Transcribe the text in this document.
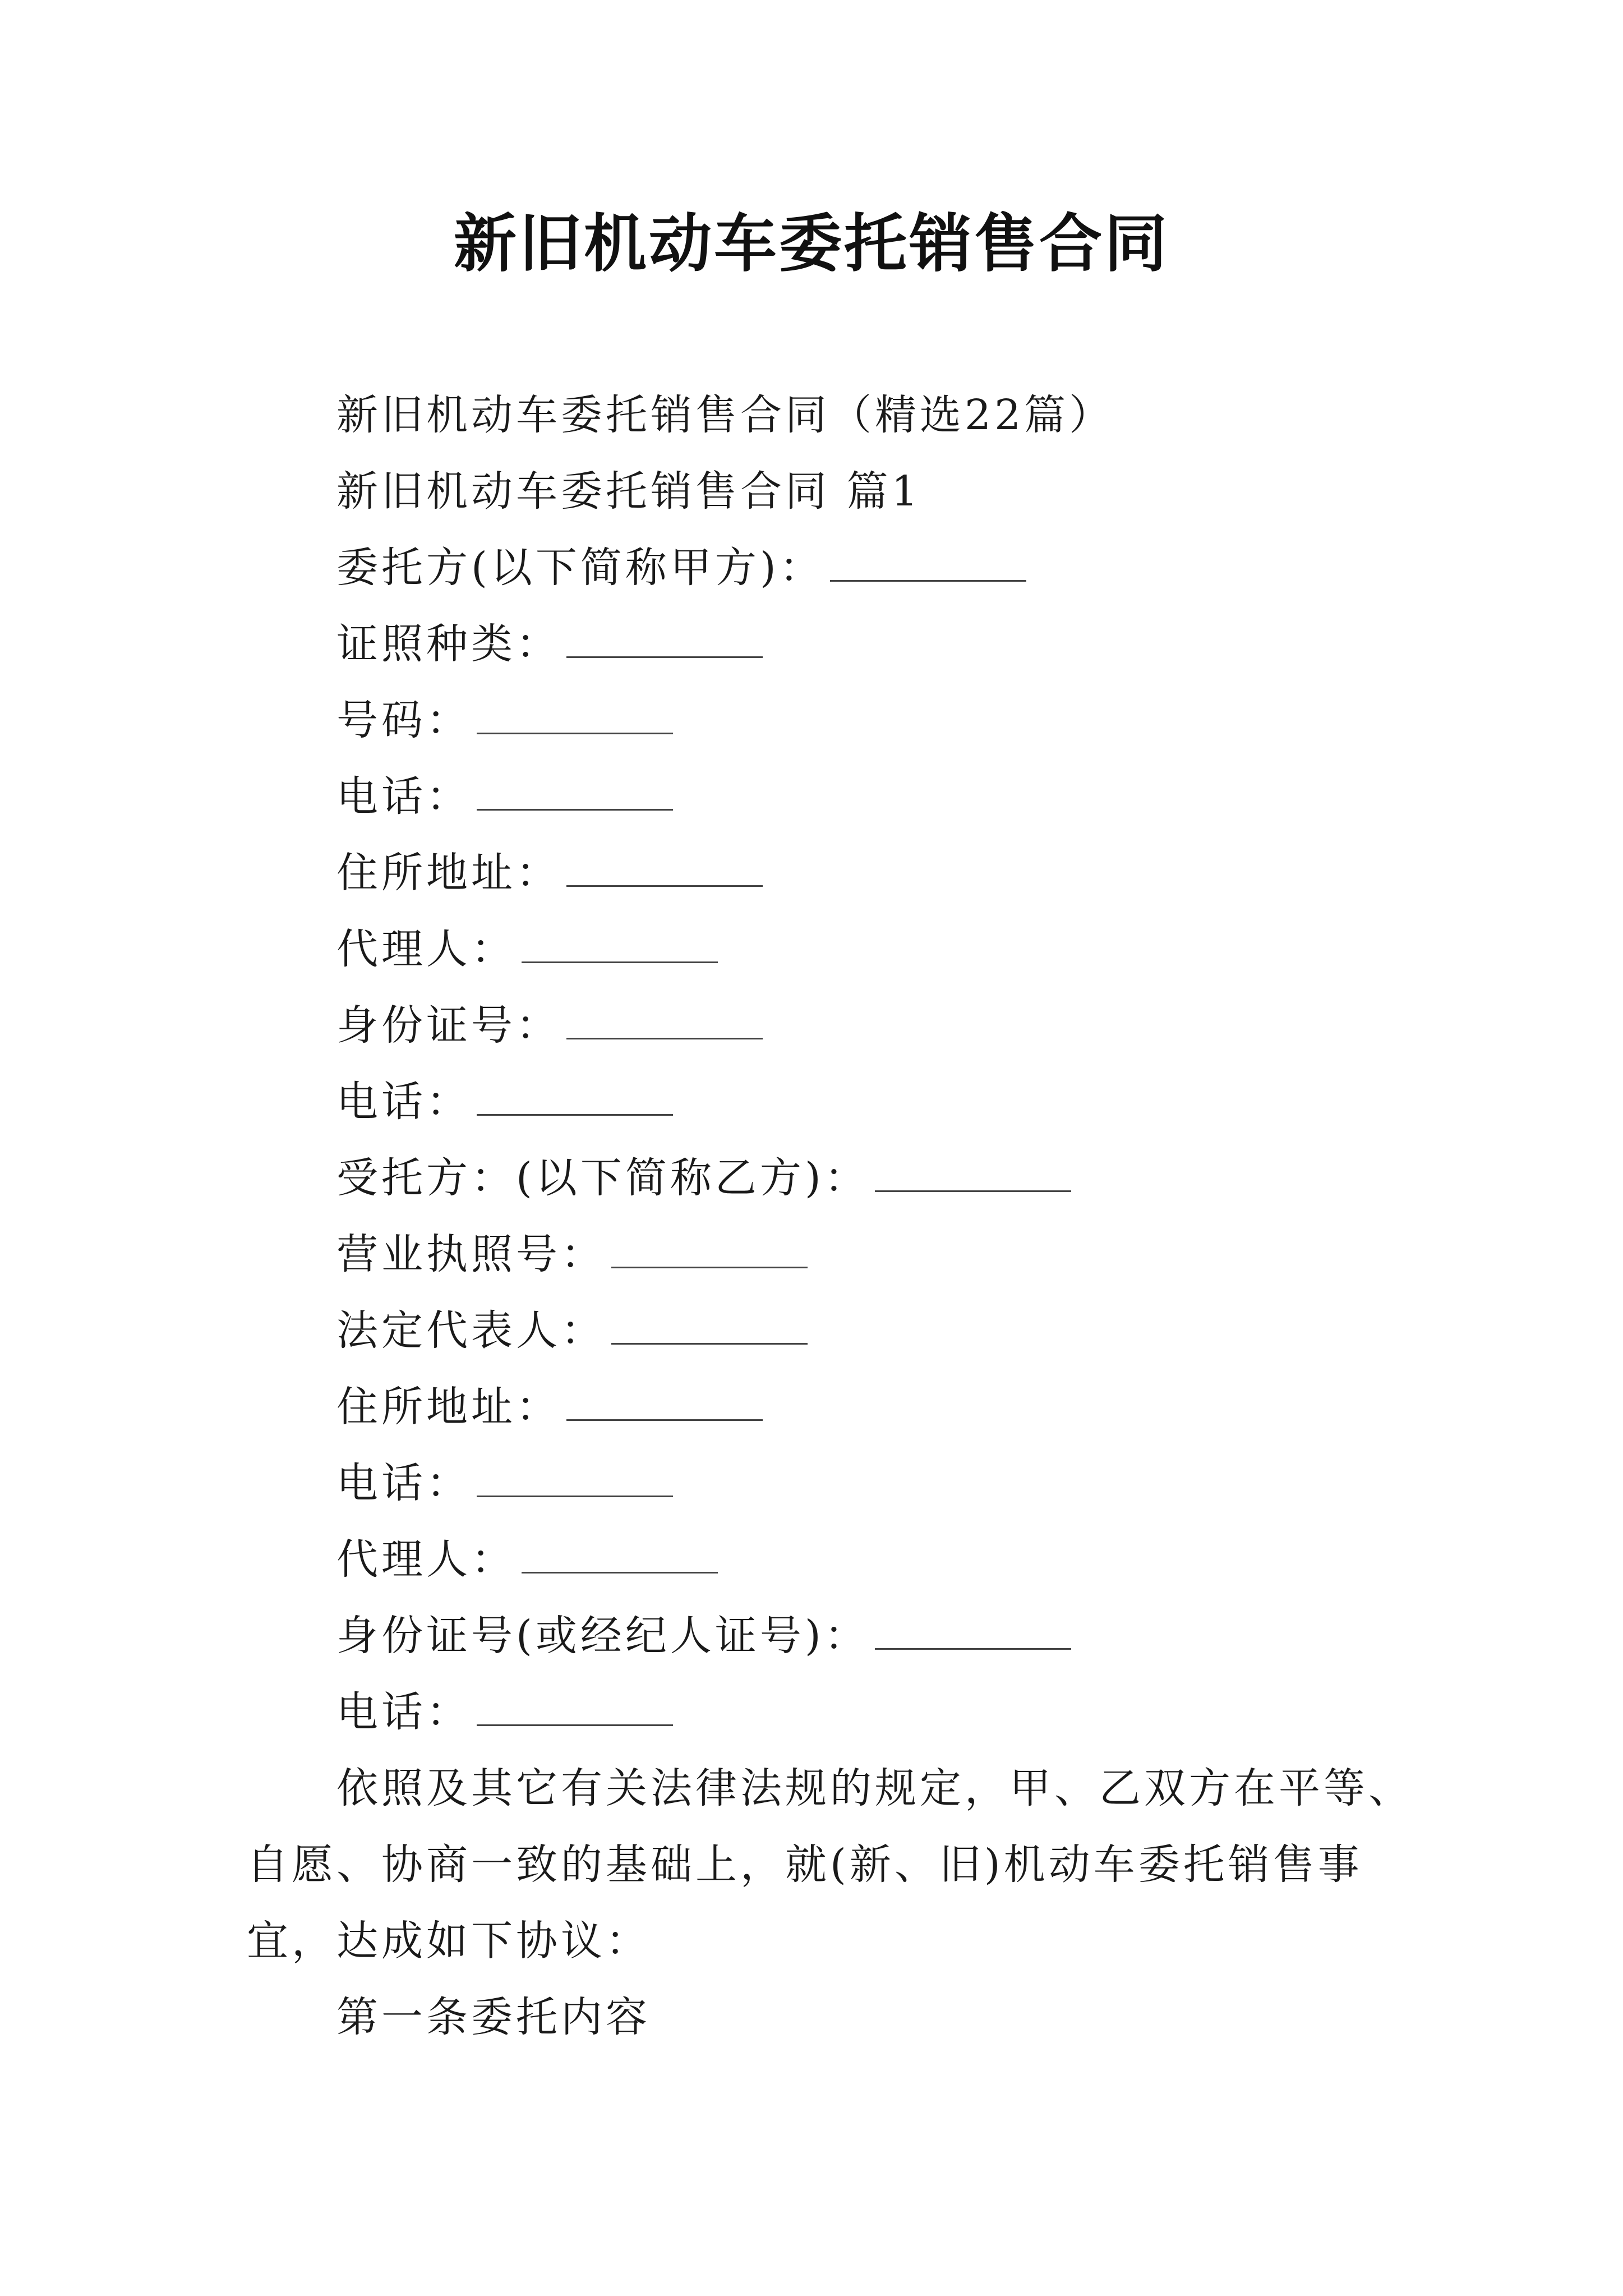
新旧机动车委托销售合同
新旧机动车委托销售合同（精选22篇）
新旧机动车委托销售合同 篇1
委托方(以下简称甲方)：
证照种类：
号码：
电话：
住所地址：
代理人：
身份证号：
电话：
受托方：(以下简称乙方)：
营业执照号：
法定代表人：
住所地址：
电话：
代理人：
身份证号(或经纪人证号)：
电话：
依照及其它有关法律法规的规定，甲、乙双方在平等、自愿、协商一致的基础上，就(新、旧)机动车委托销售事宜，达成如下协议：
第一条委托内容
